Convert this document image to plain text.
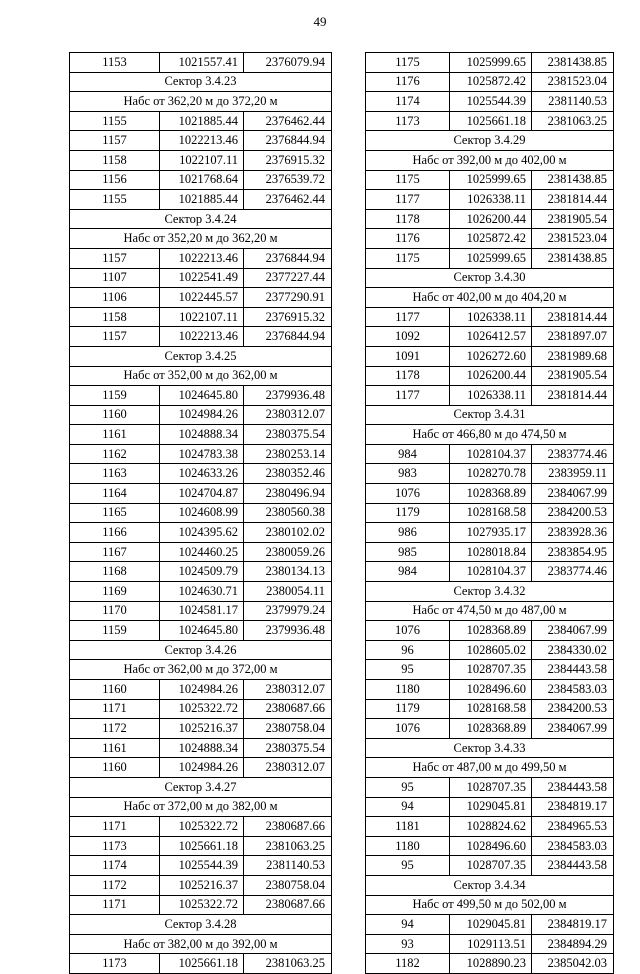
49
1153	1021557.41	2376079.94
Сектор 3.4.23		
Набс от 362,20 м до 372,20 м		
1155	1021885.44	2376462.44
1157	1022213.46	2376844.94
1158	1022107.11	2376915.32
1156	1021768.64	2376539.72
1155	1021885.44	2376462.44
Сектор 3.4.24		
Набс от 352,20 м до 362,20 м		
1157	1022213.46	2376844.94
1107	1022541.49	2377227.44
1106	1022445.57	2377290.91
1158	1022107.11	2376915.32
1157	1022213.46	2376844.94
Сектор 3.4.25		
Набс от 352,00 м до 362,00 м		
1159	1024645.80	2379936.48
1160	1024984.26	2380312.07
1161	1024888.34	2380375.54
1162	1024783.38	2380253.14
1163	1024633.26	2380352.46
1164	1024704.87	2380496.94
1165	1024608.99	2380560.38
1166	1024395.62	2380102.02
1167	1024460.25	2380059.26
1168	1024509.79	2380134.13
1169	1024630.71	2380054.11
1170	1024581.17	2379979.24
1159	1024645.80	2379936.48
Сектор 3.4.26		
Набс от 362,00 м до 372,00 м		
1160	1024984.26	2380312.07
1171	1025322.72	2380687.66
1172	1025216.37	2380758.04
1161	1024888.34	2380375.54
1160	1024984.26	2380312.07
Сектор 3.4.27		
Набс от 372,00 м до 382,00 м		
1171	1025322.72	2380687.66
1173	1025661.18	2381063.25
1174	1025544.39	2381140.53
1172	1025216.37	2380758.04
1171	1025322.72	2380687.66
Сектор 3.4.28		
Набс от 382,00 м до 392,00 м		
1173	1025661.18	2381063.25
1175	1025999.65	2381438.85
1176	1025872.42	2381523.04
1174	1025544.39	2381140.53
1173	1025661.18	2381063.25
Сектор 3.4.29		
Набс от 392,00 м до 402,00 м		
1175	1025999.65	2381438.85
1177	1026338.11	2381814.44
1178	1026200.44	2381905.54
1176	1025872.42	2381523.04
1175	1025999.65	2381438.85
Сектор 3.4.30		
Набс от 402,00 м до 404,20 м		
1177	1026338.11	2381814.44
1092	1026412.57	2381897.07
1091	1026272.60	2381989.68
1178	1026200.44	2381905.54
1177	1026338.11	2381814.44
Сектор 3.4.31		
Набс от 466,80 м до 474,50 м		
984	1028104.37	2383774.46
983	1028270.78	2383959.11
1076	1028368.89	2384067.99
1179	1028168.58	2384200.53
986	1027935.17	2383928.36
985	1028018.84	2383854.95
984	1028104.37	2383774.46
Сектор 3.4.32		
Набс от 474,50 м до 487,00 м		
1076	1028368.89	2384067.99
96	1028605.02	2384330.02
95	1028707.35	2384443.58
1180	1028496.60	2384583.03
1179	1028168.58	2384200.53
1076	1028368.89	2384067.99
Сектор 3.4.33		
Набс от 487,00 м до 499,50 м		
95	1028707.35	2384443.58
94	1029045.81	2384819.17
1181	1028824.62	2384965.53
1180	1028496.60	2384583.03
95	1028707.35	2384443.58
Сектор 3.4.34		
Набс от 499,50 м до 502,00 м		
94	1029045.81	2384819.17
93	1029113.51	2384894.29
1182	1028890.23	2385042.03
